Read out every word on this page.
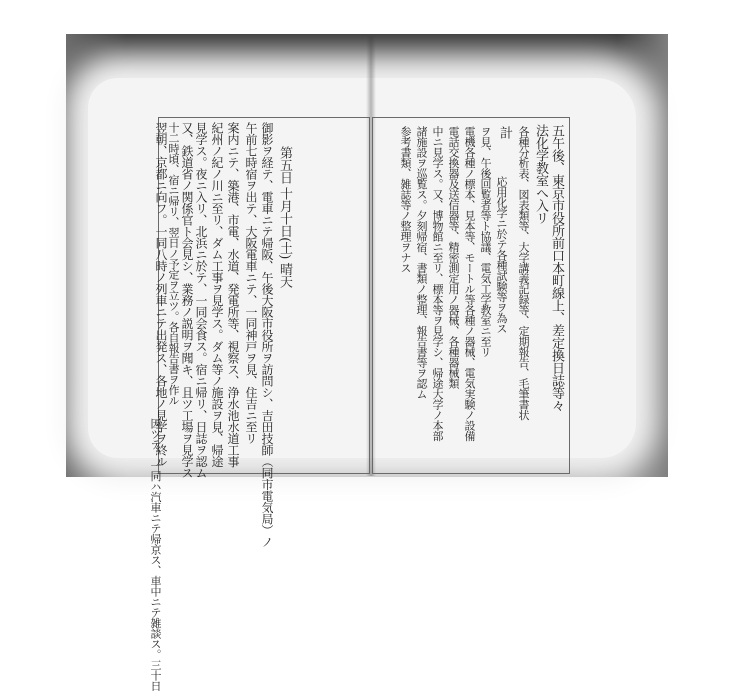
第五日 十月十日(土) 晴天
午前七時宿ヲ出テ、大阪電車ニテ、一同神戸ヲ見、住吉ニ至リ 御影ヲ経テ、電車ニテ帰阪、午後大阪市役所ヲ訪問シ、吉田技師（同市電気局）ノ
案内ニテ、築港、市電、水道、発電所等、視察ス、浄水池水道工事
紀州ノ紀ノ川ニ至リ、ダム工事ヲ見学ス。ダム等ノ施設ヲ見、帰途
見学ス。夜ニ入リ、北浜ニ於テ、一同会食ス。宿ニ帰リ、日誌ヲ認ム
又、鉄道省ノ関係官ト会見シ、業務ノ説明ヲ聞キ、且ツ工場ヲ見学ス
十二時頃、宿ニ帰リ、翌日ノ予定ヲ立ツ。各自報告書ヲ作ル
翌朝、京都ニ向フ。一同八時ノ列車ニテ出発ス、各地ノ見学ヲ終ル
因ツテ、一同ハ汽車ニテ帰京ス、車中ニテ雑談ス。三十日
五午後、東京市役所前口本町線上、差定換日誌等々
法化学教室へ入リ
各種分析表、図表類等、大学講義記録等、定期報告、毛筆書状
計
応用化学ニ於テ各種試験等ヲ為ス
ヲ見、午後回覧者等ト協議、電気工学教室ニ至リ
電機各種ノ標本、見本等、モートル等各種ノ器械、電気実験ノ設備
電話交換器及送信器等、精密測定用ノ器械、各種器械類
中ニ見学ス。又、博物館ニ至リ、標本等ヲ見学シ、帰途大学ノ本部
諸施設ヲ巡覧ス。夕刻帰宿、書類ノ整理、報告書等ヲ認ム
参考書類、雑誌等ノ整理ヲナス
